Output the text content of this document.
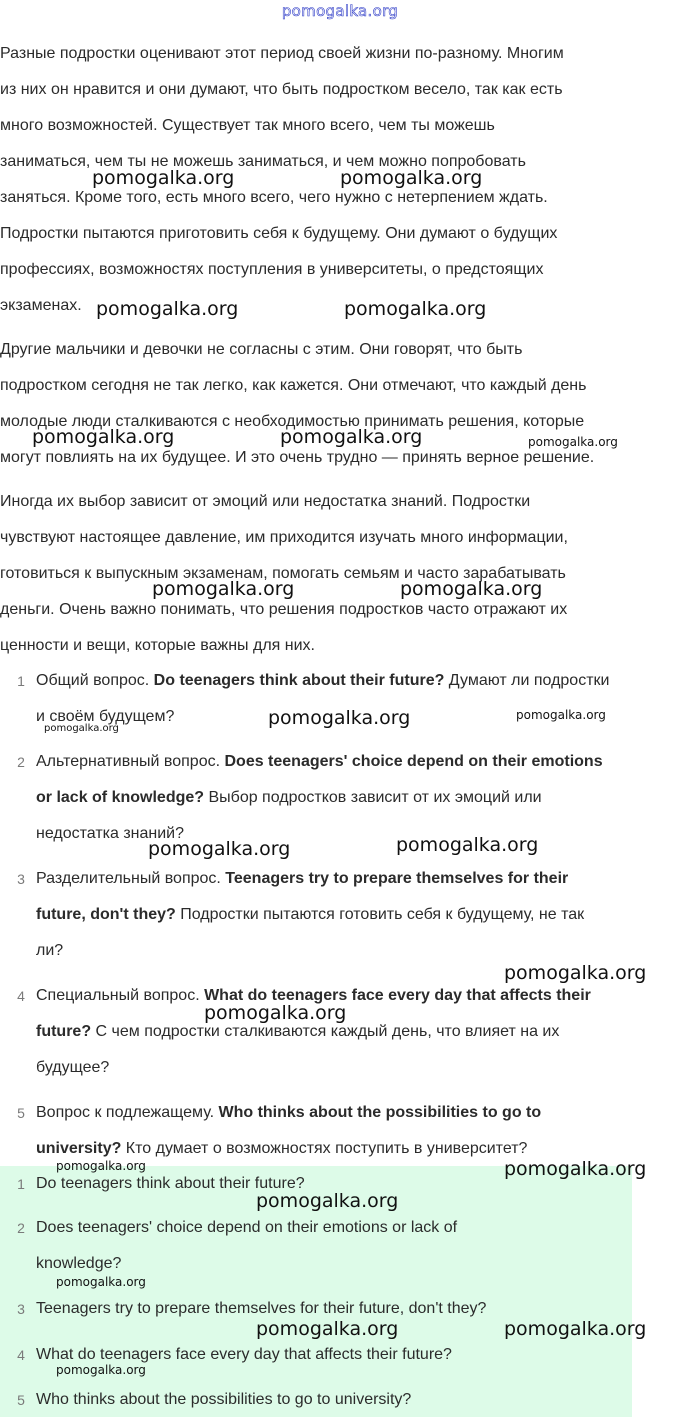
pomogalka.org
Разные подростки оценивают этот период своей жизни по-разному. Многим
из них он нравится и они думают, что быть подростком весело, так как есть
много возможностей. Существует так много всего, чем ты можешь
заниматься, чем ты не можешь заниматься, и чем можно попробовать
заняться. Кроме того, есть много всего, чего нужно с нетерпением ждать.
Подростки пытаются приготовить себя к будущему. Они думают о будущих
профессиях, возможностях поступления в университеты, о предстоящих
экзаменах.
Другие мальчики и девочки не согласны с этим. Они говорят, что быть
подростком сегодня не так легко, как кажется. Они отмечают, что каждый день
молодые люди сталкиваются с необходимостью принимать решения, которые
могут повлиять на их будущее. И это очень трудно — принять верное решение.
Иногда их выбор зависит от эмоций или недостатка знаний. Подростки
чувствуют настоящее давление, им приходится изучать много информации,
готовиться к выпускным экзаменам, помогать семьям и часто зарабатывать
деньги. Очень важно понимать, что решения подростков часто отражают их
ценности и вещи, которые важны для них.
1 Общий вопрос. Do teenagers think about their future? Думают ли подростки
и своём будущем?
2 Альтернативный вопрос. Does teenagers' choice depend on their emotions
or lack of knowledge? Выбор подростков зависит от их эмоций или
недостатка знаний?
3 Разделительный вопрос. Teenagers try to prepare themselves for their
future, don't they? Подростки пытаются готовить себя к будущему, не так
ли?
4 Специальный вопрос. What do teenagers face every day that affects their
future? С чем подростки сталкиваются каждый день, что влияет на их
будущее?
5 Вопрос к подлежащему. Who thinks about the possibilities to go to
university? Кто думает о возможностях поступить в университет?
1 Do teenagers think about their future?
2 Does teenagers' choice depend on their emotions or lack of
knowledge?
3 Teenagers try to prepare themselves for their future, don't they?
4 What do teenagers face every day that affects their future?
5 Who thinks about the possibilities to go to university?
pomogalka.org	pomogalka.org
pomogalka.org	pomogalka.org
pomogalka.org	pomogalka.org	pomogalka.org
pomogalka.org	pomogalka.org
pomogalka.org	pomogalka.org
pomogalka.org
pomogalka.org	pomogalka.org
pomogalka.org
pomogalka.org
pomogalka.org	pomogalka.org
pomogalka.org
pomogalka.org
pomogalka.org	pomogalka.org
pomogalka.org
